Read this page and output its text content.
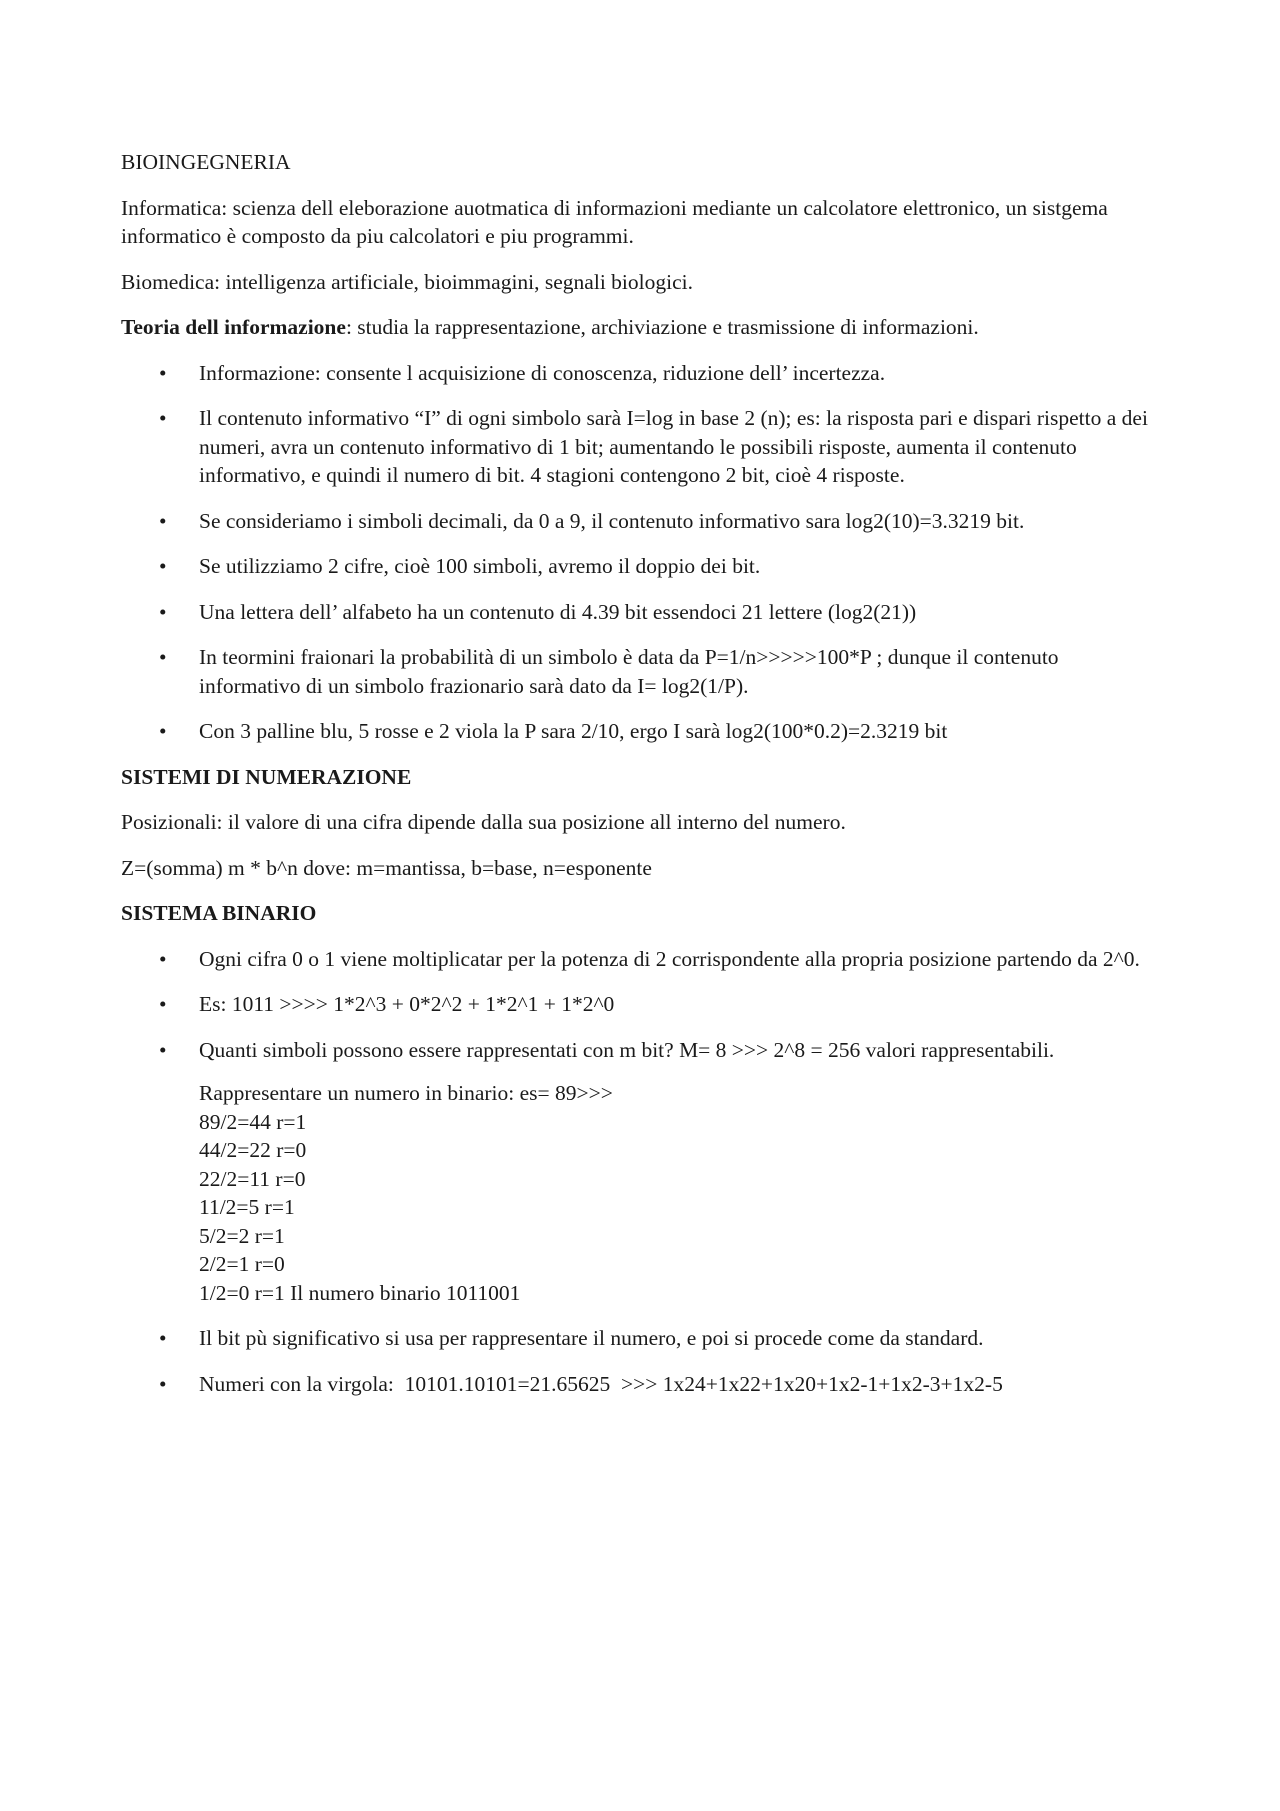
BIOINGEGNERIA

Informatica: scienza dell eleborazione auotmatica di informazioni mediante un calcolatore elettronico, un sistgema informatico è composto da piu calcolatori e piu programmi.

Biomedica: intelligenza artificiale, bioimmagini, segnali biologici.

Teoria dell informazione: studia la rappresentazione, archiviazione e trasmissione di informazioni.

• Informazione: consente l acquisizione di conoscenza, riduzione dell’ incertezza.
• Il contenuto informativo “I” di ogni simbolo sarà I=log in base 2 (n); es: la risposta pari e dispari rispetto a dei numeri, avra un contenuto informativo di 1 bit; aumentando le possibili risposte, aumenta il contenuto informativo, e quindi il numero di bit. 4 stagioni contengono 2 bit, cioè 4 risposte.
• Se consideriamo i simboli decimali, da 0 a 9, il contenuto informativo sara log2(10)=3.3219 bit.
• Se utilizziamo 2 cifre, cioè 100 simboli, avremo il doppio dei bit.
• Una lettera dell’ alfabeto ha un contenuto di 4.39 bit essendoci 21 lettere (log2(21))
• In teormini fraionari la probabilità di un simbolo è data da P=1/n>>>>>100*P ; dunque il contenuto informativo di un simbolo frazionario sarà dato da I= log2(1/P).
• Con 3 palline blu, 5 rosse e 2 viola la P sara 2/10, ergo I sarà log2(100*0.2)=2.3219 bit

SISTEMI DI NUMERAZIONE

Posizionali: il valore di una cifra dipende dalla sua posizione all interno del numero.

Z=(somma) m * b^n dove: m=mantissa, b=base, n=esponente

SISTEMA BINARIO

• Ogni cifra 0 o 1 viene moltiplicatar per la potenza di 2 corrispondente alla propria posizione partendo da 2^0.
• Es: 1011 >>>> 1*2^3 + 0*2^2 + 1*2^1 + 1*2^0
• Quanti simboli possono essere rappresentati con m bit? M= 8 >>> 2^8 = 256 valori rappresentabili.
Rappresentare un numero in binario: es= 89>>>
89/2=44 r=1
44/2=22 r=0
22/2=11 r=0
11/2=5 r=1
5/2=2 r=1
2/2=1 r=0
1/2=0 r=1 Il numero binario 1011001
• Il bit pù significativo si usa per rappresentare il numero, e poi si procede come da standard.
• Numeri con la virgola:  10101.10101=21.65625  >>> 1x24+1x22+1x20+1x2-1+1x2-3+1x2-5
